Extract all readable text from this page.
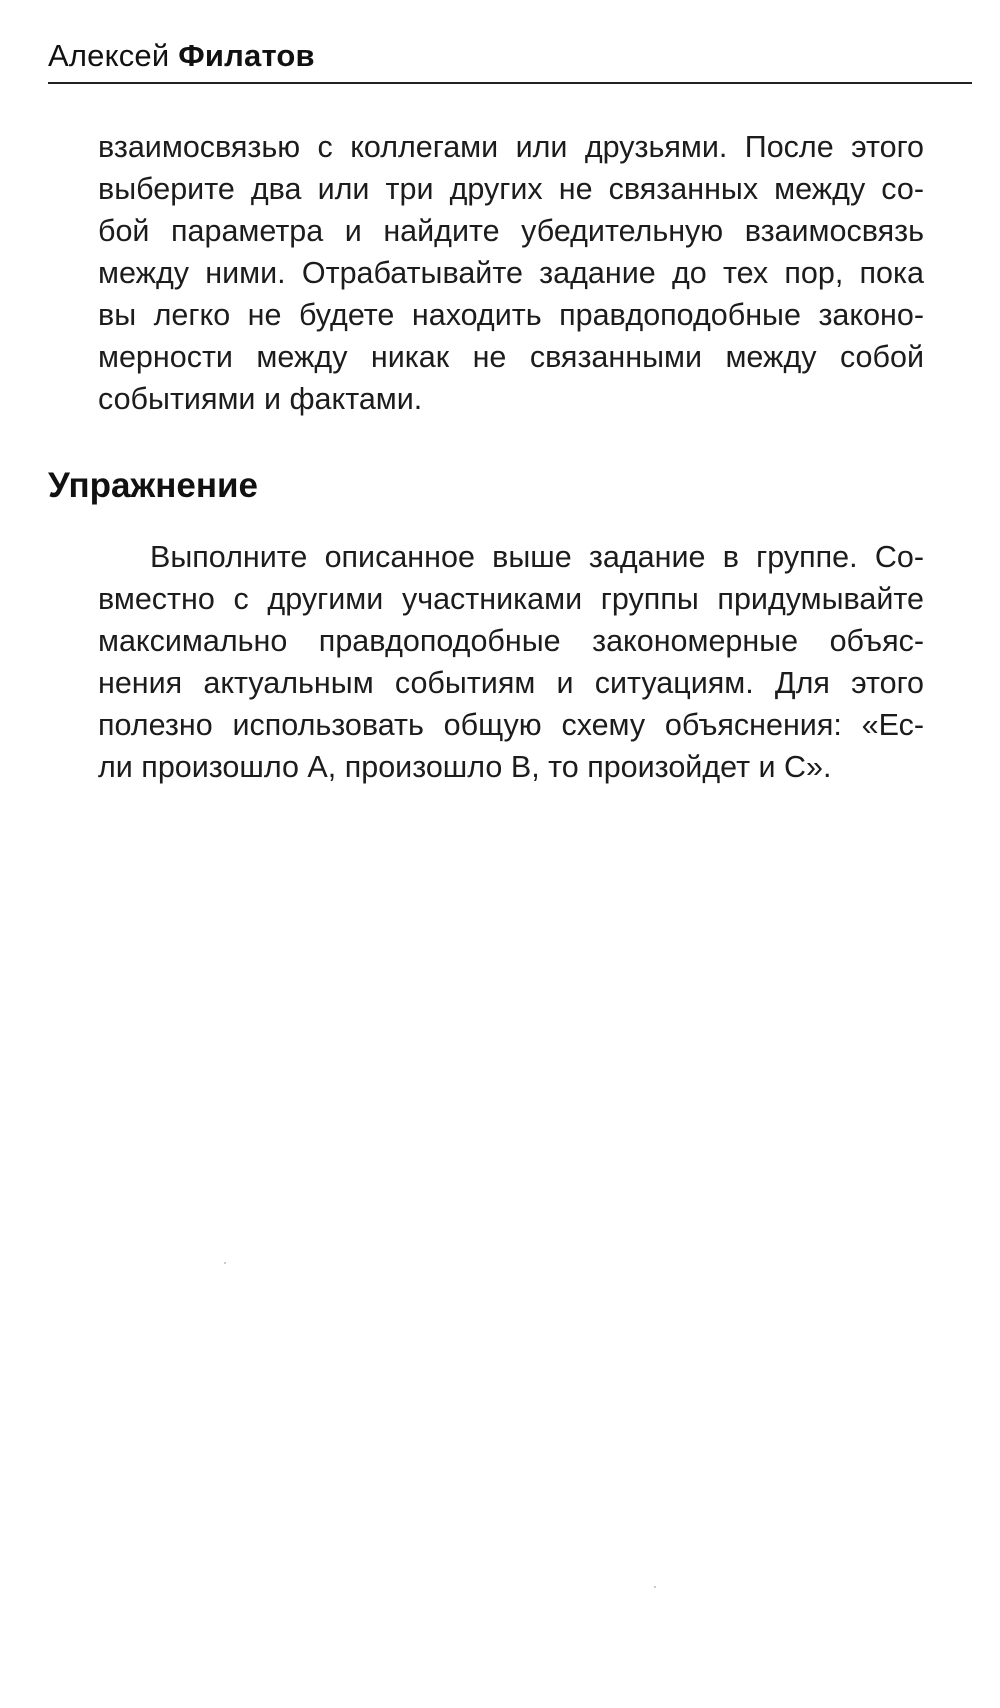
Алексей Филатов
взаимосвязью с коллегами или друзьями. После этого
выберите два или три других не связанных между со-
бой параметра и найдите убедительную взаимосвязь
между ними. Отрабатывайте задание до тех пор, пока
вы легко не будете находить правдоподобные законо-
мерности между никак не связанными между собой
событиями и фактами.
Упражнение
Выполните описанное выше задание в группе. Со-
вместно с другими участниками группы придумывайте
максимально правдоподобные закономерные объяс-
нения актуальным событиям и ситуациям. Для этого
полезно использовать общую схему объяснения: «Ес-
ли произошло А, произошло В, то произойдет и С».
